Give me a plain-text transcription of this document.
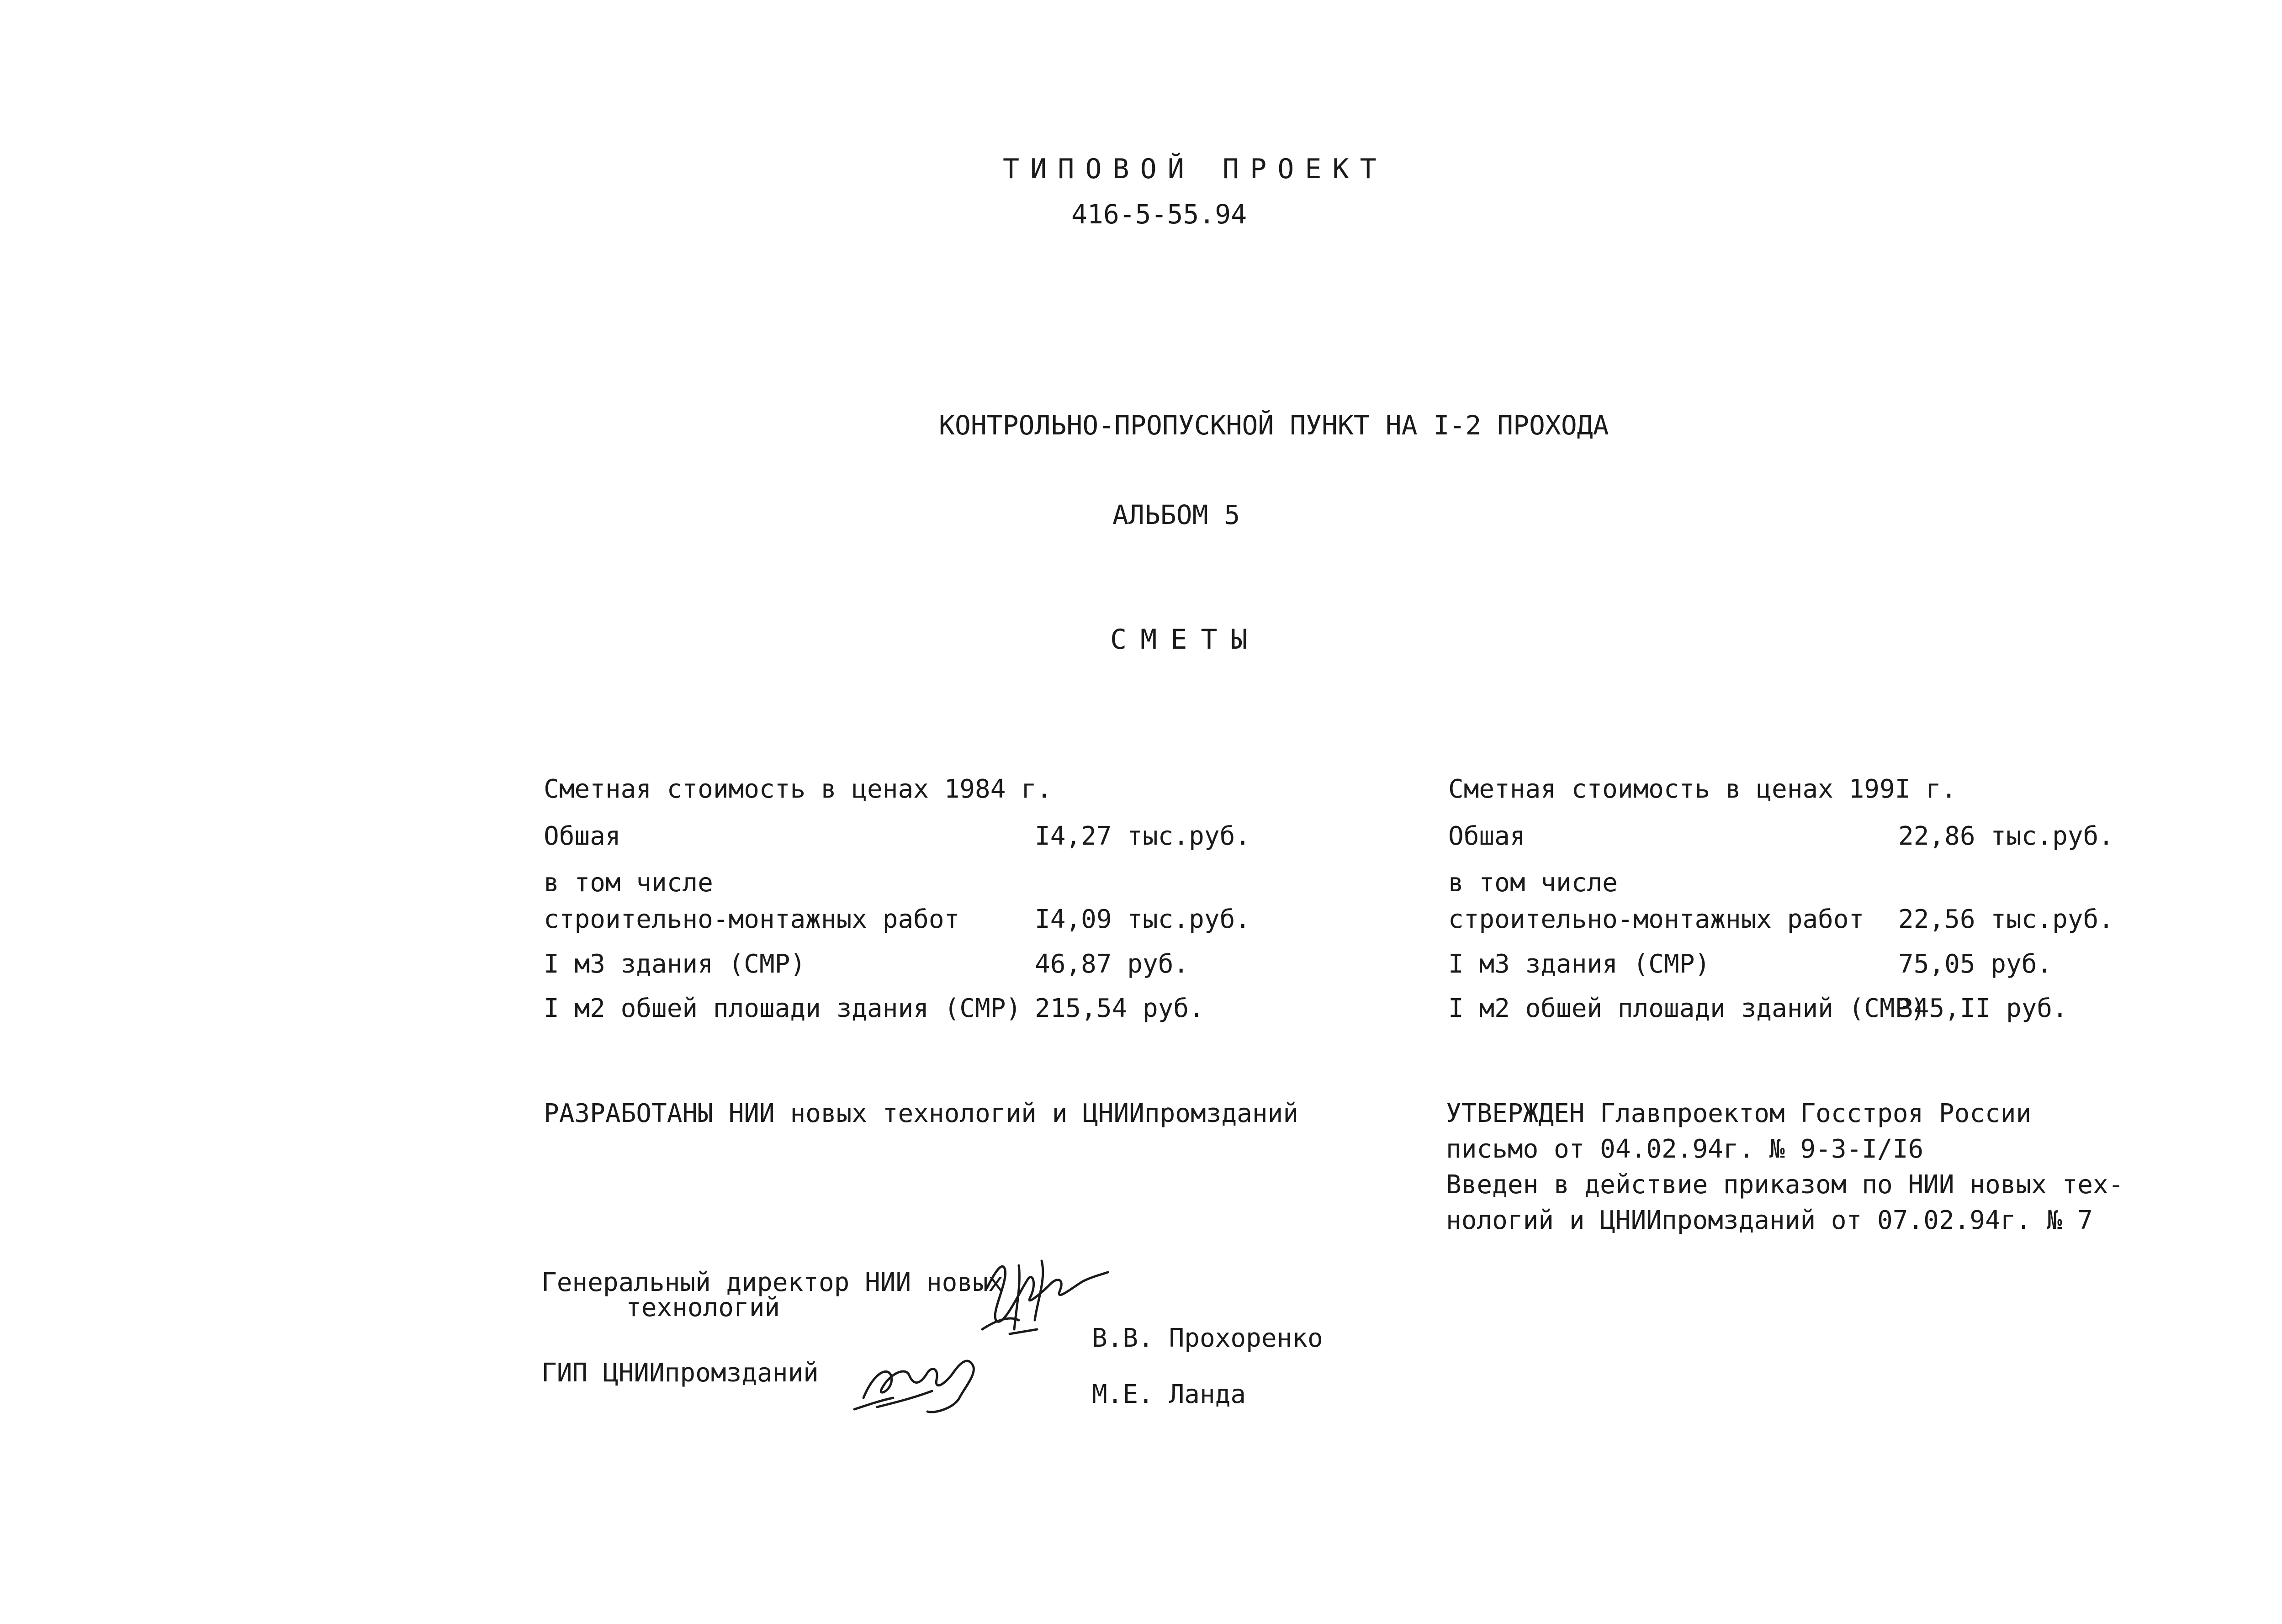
ТИПОВОЙ ПРОЕКТ
416-5-55.94
КОНТРОЛЬНО-ПРОПУСКНОЙ ПУНКТ НА I-2 ПРОХОДА
АЛЬБОМ 5
СМЕТЫ
Сметная стоимость в ценах 1984 г.
Обшая	I4,27 тыс.руб.
в том числе
строительно-монтажных работ	I4,09 тыс.руб.
I м3 здания (СМР)	46,87 руб.
I м2 обшей плошади здания (СМР) 215,54 руб.
Сметная стоимость в ценах 199I г.
Обшая	22,86 тыс.руб.
в том числе
строительно-монтажных работ 22,56 тыс.руб.
I м3 здания (СМР)	75,05 руб.
I м2 обшей плошади зданий (СМР)
345,II руб.
РАЗРАБОТАНЫ НИИ новых технологий и ЦНИИпромзданий	УТВЕРЖДЕН Главпроектом Госстроя России
письмо от 04.02.94г. № 9-3-I/I6
Введен в действие приказом по НИИ новых тех-
нологий и ЦНИИпромзданий от 07.02.94г. № 7
Генеральный директор НИИ новых
технологий
В.В. Прохоренко
ГИП ЦНИИпромзданий
М.Е. Ланда
